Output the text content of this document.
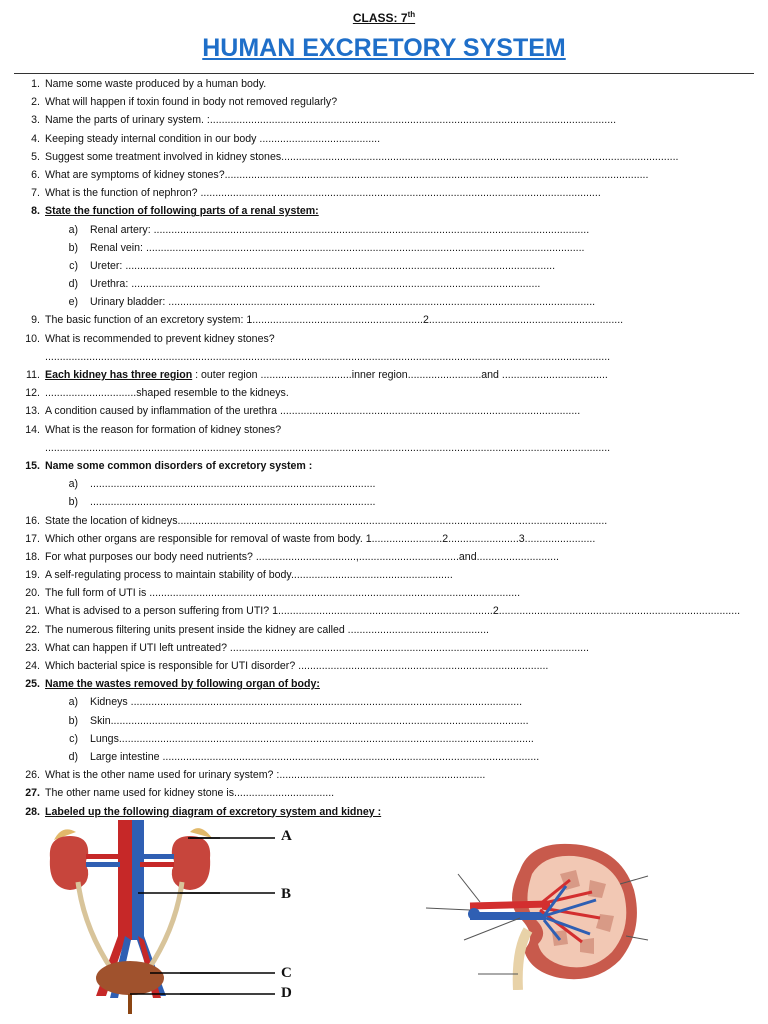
CLASS: 7th
HUMAN EXCRETORY SYSTEM
1. Name some waste produced by a human body.
2. What will happen if toxin found in body not removed regularly?
3. Name the parts of urinary system. :..........................................................................................................................................
4. Keeping steady internal condition in our body .........................................
5. Suggest some treatment involved in kidney stones.......................................................................................................................................
6. What are symptoms of kidney stones?................................................................................................................................................
7. What is the function of nephron? ........................................................................................................................................
8. State the function of following parts of a renal system:
a) Renal artery: ....................................................................................................................................................
b) Renal vein: .....................................................................................................................................................
c) Ureter: ..................................................................................................................................................
d) Urethra: ...........................................................................................................................................
e) Urinary bladder: .................................................................................................................................................
9. The basic function of an excretory system: 1..........................................................2..................................................................
10. What is recommended to prevent kidney stones?
................................................................................................................................................................................................
11. Each kidney has three region : outer region ...............................inner region.........................and ....................................
12. ...............................shaped resemble to the kidneys.
13. A condition caused by inflammation of the urethra ......................................................................................................
14. What is the reason for formation of kidney stones?
................................................................................................................................................................................................
15. Name some common disorders of excretory system :
a) .................................................................................................
b) .................................................................................................
16. State the location of kidneys..................................................................................................................................................
17. Which other organs are responsible for removal of waste from body. 1........................2........................3........................
18. For what purposes our body need nutrients? ..................................,..................................and............................
19. A self-regulating process to maintain stability of body.......................................................
20. The full form of UTI is ..............................................................................................................................
21. What is advised to a person suffering from UTI? 1.........................................................................2..................................................................................
22. The numerous filtering units present inside the kidney are called ................................................
23. What can happen if UTI left untreated? ..........................................................................................................................
24. Which bacterial spice is responsible for UTI disorder? .....................................................................................
25. Name the wastes removed by following organ of body:
a) Kidneys .....................................................................................................................................
b) Skin..............................................................................................................................................
c) Lungs.............................................................................................................................................
d) Large intestine ................................................................................................................................
26. What is the other name used for urinary system? :......................................................................
27. The other name used for kidney stone is..................................
28. Labeled up the following diagram of excretory system and kidney :
A
B
C
D
